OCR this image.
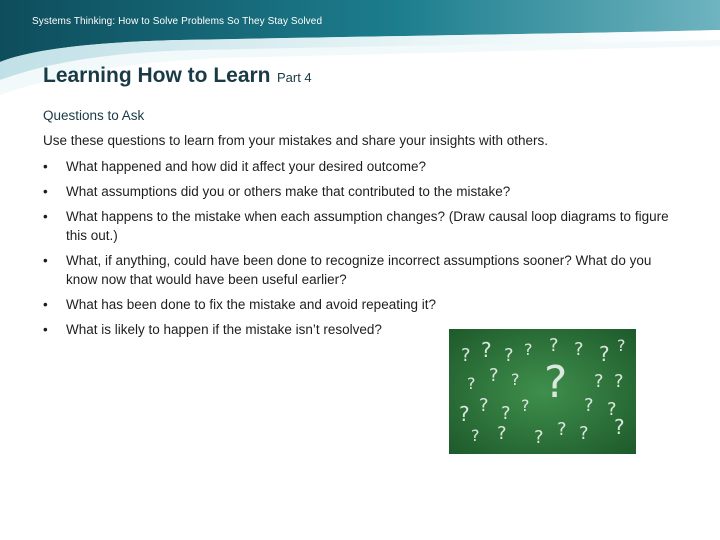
Systems Thinking: How to Solve Problems So They Stay Solved
Learning How to Learn Part 4
Questions to Ask
Use these questions to learn from your mistakes and share your insights with others.
• What happened and how did it affect your desired outcome?
• What assumptions did you or others make that contributed to the mistake?
• What happens to the mistake when each assumption changes? (Draw causal loop diagrams to figure this out.)
• What, if anything, could have been done to recognize incorrect assumptions sooner? What do you know now that would have been useful earlier?
• What has been done to fix the mistake and avoid repeating it?
• What is likely to happen if the mistake isn’t resolved?
? ? ? ? ? ? ? ?
? ? ?	? ?
? ? ? ? ? ? ?
? ? ? ? ? ?
